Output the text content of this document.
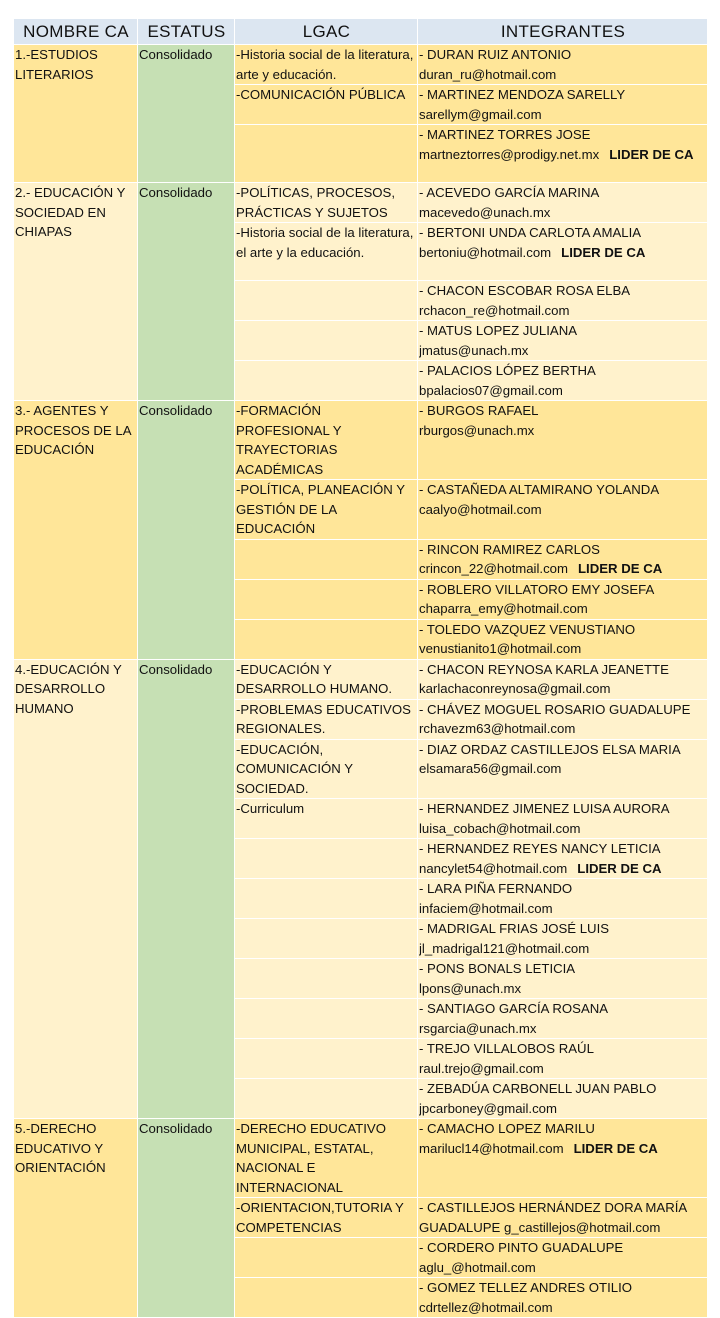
NOMBRE CA	ESTATUS	LGAC	INTEGRANTES
1.-ESTUDIOS LITERARIOS	Consolidado	-Historia social de la literatura, arte y educación.	- DURAN RUIZ ANTONIO
duran_ru@hotmail.com

		-COMUNICACIÓN PÚBLICA	- MARTINEZ MENDOZA SARELLY
sarellym@gmail.com

			- MARTINEZ TORRES JOSE
martneztorres@prodigy.net.mx LIDER DE CA

2.- EDUCACIÓN Y SOCIEDAD EN CHIAPAS	Consolidado	-POLÍTICAS, PROCESOS, PRÁCTICAS Y SUJETOS	- ACEVEDO GARCÍA MARINA
macevedo@unach.mx

		-Historia social de la literatura, el arte y la educación.	- BERTONI UNDA CARLOTA AMALIA
bertoniu@hotmail.com LIDER DE CA

			- CHACON ESCOBAR ROSA ELBA
rchacon_re@hotmail.com

			- MATUS LOPEZ JULIANA
jmatus@unach.mx

			- PALACIOS LÓPEZ BERTHA
bpalacios07@gmail.com

3.- AGENTES Y PROCESOS DE LA EDUCACIÓN	Consolidado	-FORMACIÓN PROFESIONAL Y TRAYECTORIAS ACADÉMICAS	- BURGOS RAFAEL
rburgos@unach.mx

		-POLÍTICA, PLANEACIÓN Y GESTIÓN DE LA EDUCACIÓN	- CASTAÑEDA ALTAMIRANO YOLANDA
caalyo@hotmail.com

			- RINCON RAMIREZ CARLOS
crincon_22@hotmail.com LIDER DE CA

			- ROBLERO VILLATORO EMY JOSEFA
chaparra_emy@hotmail.com

			- TOLEDO VAZQUEZ VENUSTIANO
venustianito1@hotmail.com

4.-EDUCACIÓN Y DESARROLLO HUMANO	Consolidado	-EDUCACIÓN Y DESARROLLO HUMANO.	- CHACON REYNOSA KARLA JEANETTE
karlachaconreynosa@gmail.com

		-PROBLEMAS EDUCATIVOS REGIONALES.	- CHÁVEZ MOGUEL ROSARIO GUADALUPE
rchavezm63@hotmail.com

		-EDUCACIÓN, COMUNICACIÓN Y SOCIEDAD.	- DIAZ ORDAZ CASTILLEJOS ELSA MARIA
elsamara56@gmail.com

		-Curriculum	- HERNANDEZ JIMENEZ LUISA AURORA
luisa_cobach@hotmail.com

			- HERNANDEZ REYES NANCY LETICIA
nancylet54@hotmail.com LIDER DE CA

			- LARA PIÑA FERNANDO
infaciem@hotmail.com

			- MADRIGAL FRIAS JOSÉ LUIS
jl_madrigal121@hotmail.com

			- PONS BONALS LETICIA
lpons@unach.mx

			- SANTIAGO GARCÍA ROSANA
rsgarcia@unach.mx

			- TREJO VILLALOBOS RAÚL
raul.trejo@gmail.com

			- ZEBADÚA CARBONELL JUAN PABLO
jpcarboney@gmail.com

5.-DERECHO EDUCATIVO Y ORIENTACIÓN	Consolidado	-DERECHO EDUCATIVO MUNICIPAL, ESTATAL, NACIONAL E INTERNACIONAL	- CAMACHO LOPEZ MARILU
marilucl14@hotmail.com LIDER DE CA

		-ORIENTACION,TUTORIA Y COMPETENCIAS	- CASTILLEJOS HERNÁNDEZ DORA MARÍA
GUADALUPE g_castillejos@hotmail.com

			- CORDERO PINTO GUADALUPE
aglu_@hotmail.com

			- GOMEZ TELLEZ ANDRES OTILIO
cdrtellez@hotmail.com
